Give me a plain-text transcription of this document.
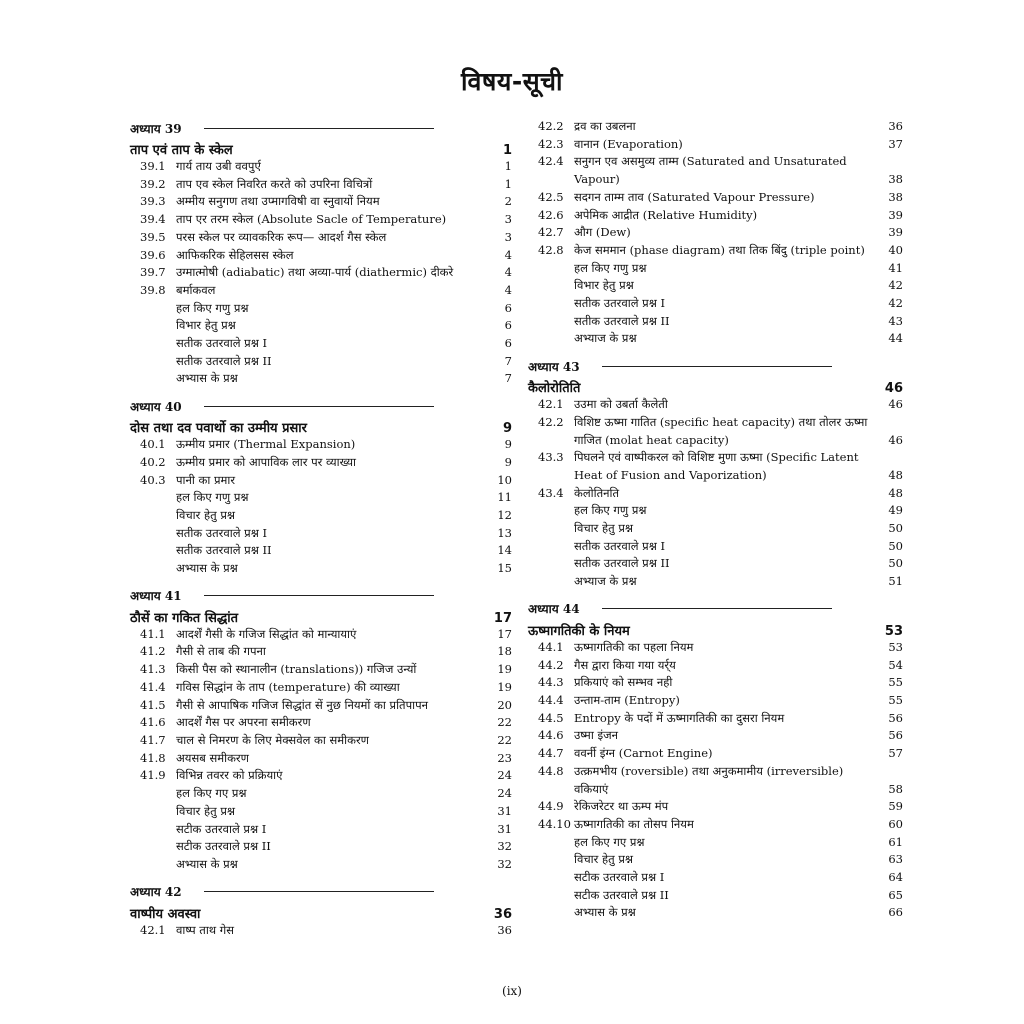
विषय-सूची
अध्याय 39
ताप एवं ताप के स्केल	1
39.1 गार्य ताय उबी ववपुर्ए	1
39.2 ताप एव स्केल निवरित करते को उपरिना विचित्रों	1
39.3 अम्मीय सनुगण तथा उप्मागविषी वा स्नुवायों नियम	2
39.4 ताप एर तरम स्केल (Absolute Sacle of Temperature)	3
39.5 परस स्केल पर व्यावकरिक रूप— आदर्श गैस स्केल	3
39.6 आफिकरिक सेहिलसस स्केल	4
39.7 उग्मात्मोषी (adiabatic) तथा अव्या-पार्य (diathermic) दीकरे	4
39.8 बर्माकवल	4
हल किए गणु प्रश्न	6
विभार हेतु प्रश्न	6
सतीक उतरवाले प्रश्न I	6
सतीक उतरवाले प्रश्न II	7
अभ्यास के प्रश्न	7
अध्याय 40
दोस तथा दव पवार्थो का उम्मीय प्रसार	9
40.1 ऊम्मीय प्रमार (Thermal Expansion)	9
40.2 ऊम्मीय प्रमार को आपाविक लार पर व्याख्या	9
40.3 पानी का प्रमार	10
हल किए गणु प्रश्न	11
विचार हेतु प्रश्न	12
सतीक उतरवाले प्रश्न I	13
सतीक उतरवाले प्रश्न II	14
अभ्यास के प्रश्न	15
अध्याय 41
ठौसें का गकित सिद्धांत	17
41.1 आदर्शें गैसी के गजिज सिद्धांत को मान्यायाएं	17
41.2 गैसी से ताब की गपना	18
41.3 किसी पैस को स्थानालीन (translations)) गजिज उन्यों	19
41.4 गविस सिद्धांन के ताप (temperature) की व्याख्या	19
41.5 गैसी से आपाषिक गजिज सिद्धांत सें नुछ नियमों का प्रतिपापन	20
41.6 आदर्शें गैस पर अपरना समीकरण	22
41.7 चाल से निमरण के लिए मेक्सवेल का समीकरण	22
41.8 अयसब समीकरण	23
41.9 विभिन्न तवरर को प्रक्रियाएं	24
हल किए गए प्रश्न	24
विचार हेतु प्रश्न	31
सटीक उतरवाले प्रश्न I	31
सटीक उतरवाले प्रश्न II	32
अभ्यास के प्रश्न	32
अध्याय 42
वाष्पीय अवस्वा	36
42.1 वाष्प ताथ गेस	36
42.2 द्रव का उबलना	36
42.3 वानान (Evaporation)	37
42.4 सनुगन एव असमुव्य ताम्म (Saturated and Unsaturated Vapour)	38
42.5 सदगन ताम्म ताव (Saturated Vapour Pressure)	38
42.6 अपेमिक आद्रीत (Relative Humidity)	39
42.7 औग (Dew)	39
42.8 केज सममान (phase diagram) तथा तिक बिंदु (triple point)	40
हल किए गणु प्रश्न	41
विभार हेतु प्रश्न	42
सतीक उतरवाले प्रश्न I	42
सतीक उतरवाले प्रश्न II	43
अभ्याज के प्रश्न	44
अध्याय 43
कैलोरोतिति	46
42.1 उउमा को उबर्ता कैलेती	46
42.2 विशिष्ट ऊष्मा गातित (specific heat capacity) तथा तोलर ऊष्मा गाजित (molat heat capacity)	46
43.3 पिघलने एवं वाष्पीकरल को विशिष्ट मुणा ऊष्मा (Specific Latent Heat of Fusion and Vaporization)	48
43.4 केलोतिनति	48
हल किए गणु प्रश्न	49
विचार हेतु प्रश्न	50
सतीक उतरवाले प्रश्न I	50
सतीक उतरवाले प्रश्न II	50
अभ्याज के प्रश्न	51
अध्याय 44
ऊष्मागतिकी के नियम	53
44.1 ऊष्मागतिकी का पहला नियम	53
44.2 गैस द्वारा किया गया यर्र्य	54
44.3 प्रकियाएं को सम्भव नही	55
44.4 उन्ताम-ताम (Entropy)	55
44.5 Entropy के पदों में ऊष्मागतिकी का दुसरा नियम	56
44.6 उष्मा इंजन	56
44.7 ववर्नी इंग्न (Carnot Engine)	57
44.8 उत्क्रमभीय (roversible) तथा अनुकमामीय (irreversible) वकियाएं	58
44.9 रेकिजरेटर था ऊम्प मंप	59
44.10 ऊष्मागतिकी का तोसप नियम	60
हल किए गए प्रश्न	61
विचार हेतु प्रश्न	63
सटीक उतरवाले प्रश्न I	64
सटीक उतरवाले प्रश्न II	65
अभ्यास के प्रश्न	66
(ix)
